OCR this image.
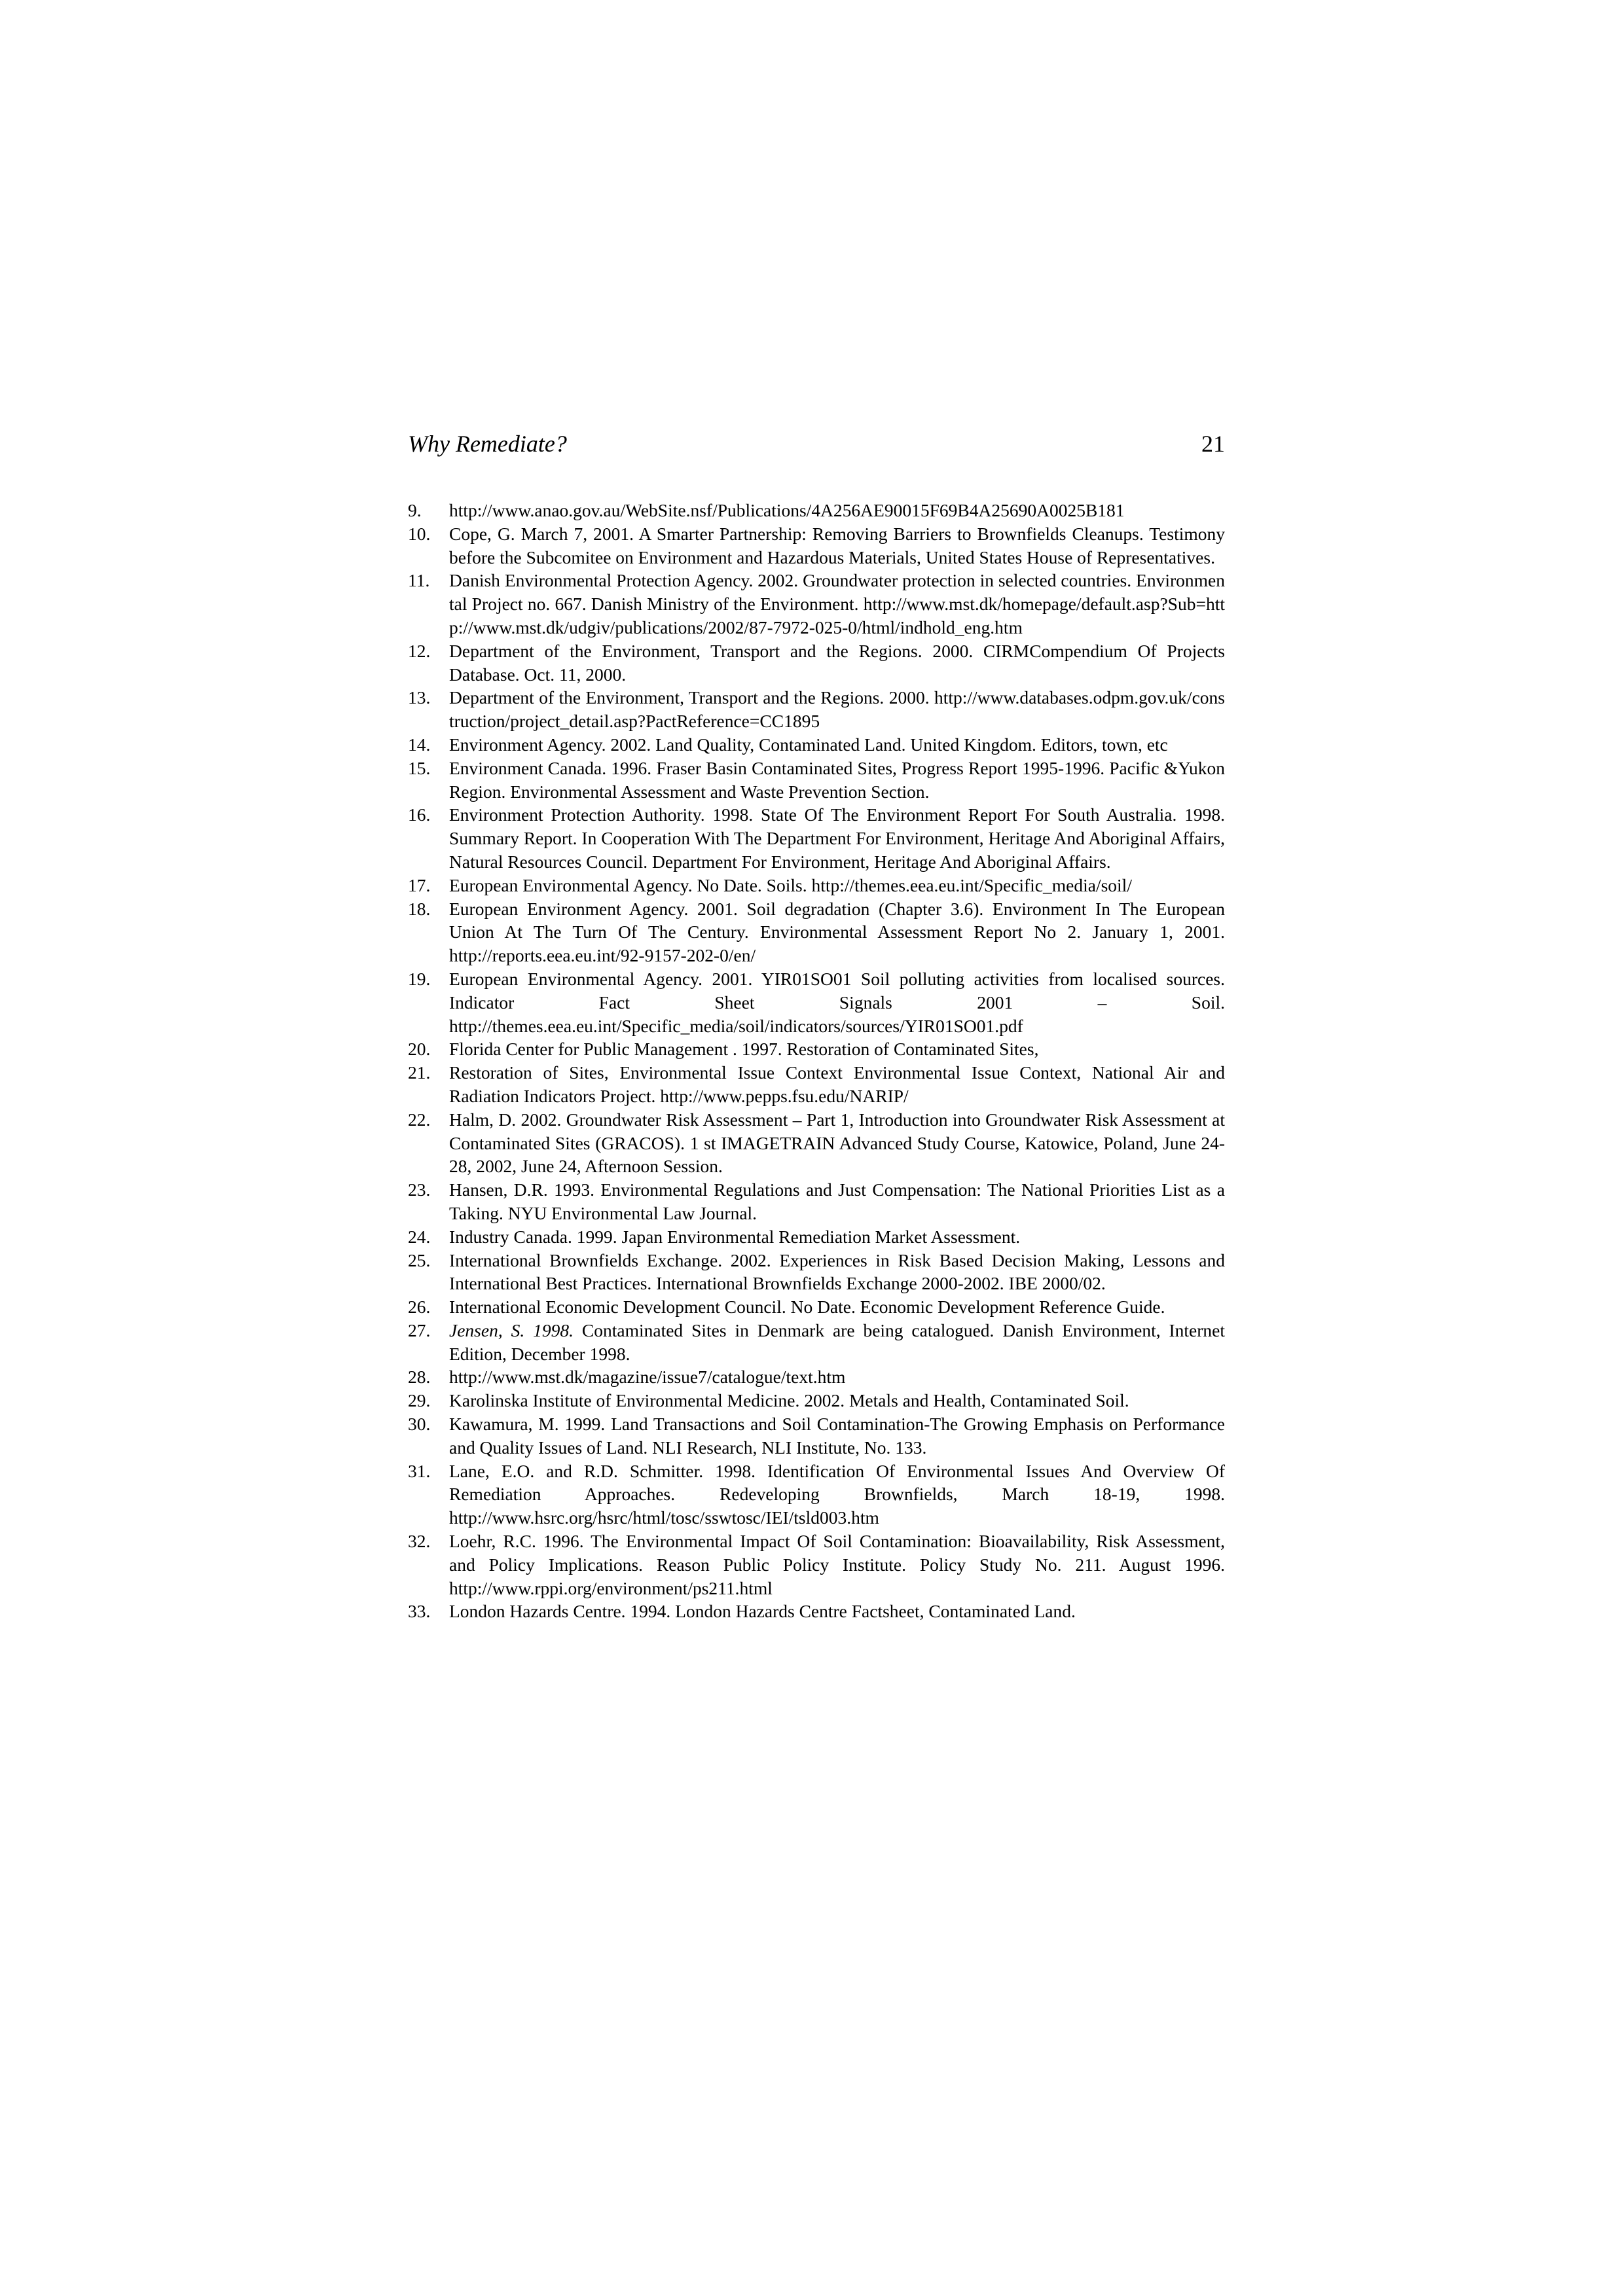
Why Remediate?	21
9.	http://www.anao.gov.au/WebSite.nsf/Publications/4A256AE90015F69B4A25690A0025B181
10.	Cope, G. March 7, 2001. A Smarter Partnership: Removing Barriers to Brownfields Cleanups. Testimony before the Subcomitee on Environment and Hazardous Materials, United States House of Representatives.
11.	Danish Environmental Protection Agency. 2002. Groundwater protection in selected countries. Environmental Project no. 667. Danish Ministry of the Environment. http://www.mst.dk/homepage/default.asp?Sub=http://www.mst.dk/udgiv/publications/2002/87-7972-025-0/html/indhold_eng.htm
12.	Department of the Environment, Transport and the Regions. 2000. CIRMCompendium Of Projects Database. Oct. 11, 2000.
13.	Department of the Environment, Transport and the Regions. 2000. http://www.databases.odpm.gov.uk/construction/project_detail.asp?PactReference=CC1895
14.	Environment Agency. 2002. Land Quality, Contaminated Land. United Kingdom. Editors, town, etc
15.	Environment Canada. 1996. Fraser Basin Contaminated Sites, Progress Report 1995-1996. Pacific &Yukon Region. Environmental Assessment and Waste Prevention Section.
16.	Environment Protection Authority. 1998. State Of The Environment Report For South Australia. 1998. Summary Report. In Cooperation With The Department For Environment, Heritage And Aboriginal Affairs, Natural Resources Council. Department For Environment, Heritage And Aboriginal Affairs.
17.	European Environmental Agency. No Date. Soils. http://themes.eea.eu.int/Specific_media/soil/
18.	European Environment Agency. 2001. Soil degradation (Chapter 3.6). Environment In The European Union At The Turn Of The Century. Environmental Assessment Report No 2. January 1, 2001. http://reports.eea.eu.int/92-9157-202-0/en/
19.	European Environmental Agency. 2001. YIR01SO01 Soil polluting activities from localised sources. Indicator Fact Sheet Signals 2001 – Soil. http://themes.eea.eu.int/Specific_media/soil/indicators/sources/YIR01SO01.pdf
20.	Florida Center for Public Management . 1997. Restoration of Contaminated Sites,
21.	Restoration of Sites, Environmental Issue Context Environmental Issue Context, National Air and Radiation Indicators Project. http://www.pepps.fsu.edu/NARIP/
22.	Halm, D. 2002. Groundwater Risk Assessment – Part 1, Introduction into Groundwater Risk Assessment at Contaminated Sites (GRACOS). 1 st IMAGETRAIN Advanced Study Course, Katowice, Poland, June 24- 28, 2002, June 24, Afternoon Session.
23.	Hansen, D.R. 1993. Environmental Regulations and Just Compensation: The National Priorities List as a Taking. NYU Environmental Law Journal.
24.	Industry Canada. 1999. Japan Environmental Remediation Market Assessment.
25.	International Brownfields Exchange. 2002. Experiences in Risk Based Decision Making, Lessons and International Best Practices. International Brownfields Exchange 2000-2002. IBE 2000/02.
26.	International Economic Development Council. No Date. Economic Development Reference Guide.
27.	Jensen, S. 1998. Contaminated Sites in Denmark are being catalogued. Danish Environment, Internet Edition, December 1998.
28.	http://www.mst.dk/magazine/issue7/catalogue/text.htm
29.	Karolinska Institute of Environmental Medicine. 2002. Metals and Health, Contaminated Soil.
30.	Kawamura, M. 1999. Land Transactions and Soil Contamination-The Growing Emphasis on Performance and Quality Issues of Land. NLI Research, NLI Institute, No. 133.
31.	Lane, E.O. and R.D. Schmitter. 1998. Identification Of Environmental Issues And Overview Of Remediation Approaches. Redeveloping Brownfields, March 18-19, 1998. http://www.hsrc.org/hsrc/html/tosc/sswtosc/IEI/tsld003.htm
32.	Loehr, R.C. 1996. The Environmental Impact Of Soil Contamination: Bioavailability, Risk Assessment, and Policy Implications. Reason Public Policy Institute. Policy Study No. 211. August 1996. http://www.rppi.org/environment/ps211.html
33.	London Hazards Centre. 1994. London Hazards Centre Factsheet, Contaminated Land.
